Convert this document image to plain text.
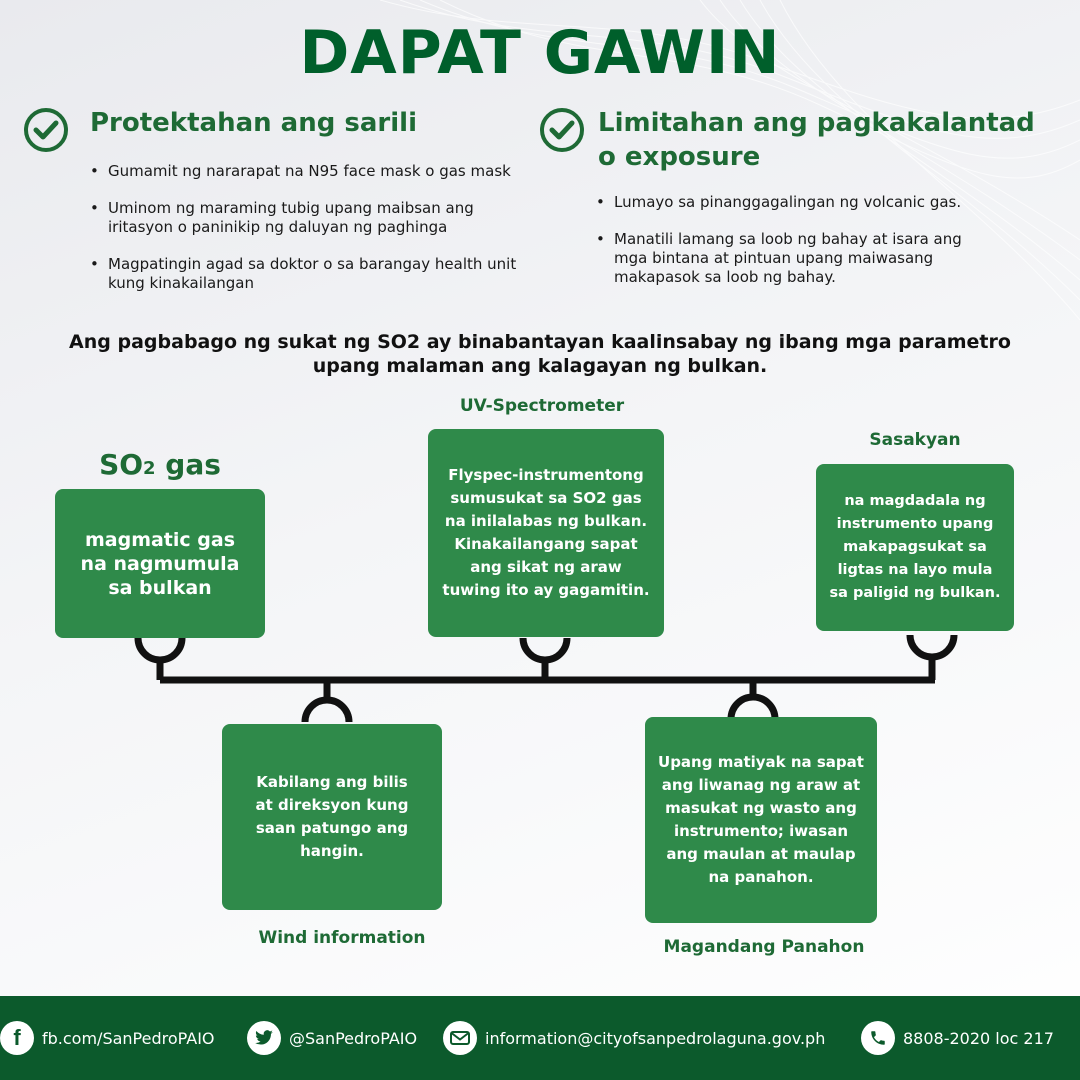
DAPAT GAWIN
Protektahan ang sarili
• Gumamit ng nararapat na N95 face mask o gas mask
• Uminom ng maraming tubig upang maibsan ang iritasyon o paninikip ng daluyan ng paghinga
• Magpatingin agad sa doktor o sa barangay health unit kung kinakailangan
Limitahan ang pagkakalantad
o exposure
• Lumayo sa pinanggagalingan ng volcanic gas.
• Manatili lamang sa loob ng bahay at isara ang mga bintana at pintuan upang maiwasang makapasok sa loob ng bahay.
Ang pagbabago ng sukat ng SO2 ay binabantayan kaalinsabay ng ibang mga parametro
upang malaman ang kalagayan ng bulkan.
SO2 gas
magmatic gas
na nagmumula
sa bulkan
UV-Spectrometer
Flyspec-instrumentong
sumusukat sa SO2 gas
na inilalabas ng bulkan.
Kinakailangang sapat
ang sikat ng araw
tuwing ito ay gagamitin.
Sasakyan
na magdadala ng
instrumento upang
makapagsukat sa
ligtas na layo mula
sa paligid ng bulkan.
Kabilang ang bilis
at direksyon kung
saan patungo ang
hangin.
Wind information
Upang matiyak na sapat
ang liwanag ng araw at
masukat ng wasto ang
instrumento; iwasan
ang maulan at maulap
na panahon.
Magandang Panahon
f fb.com/SanPedroPAIO	@SanPedroPAIO	information@cityofsanpedrolaguna.gov.ph	8808-2020 loc 217
